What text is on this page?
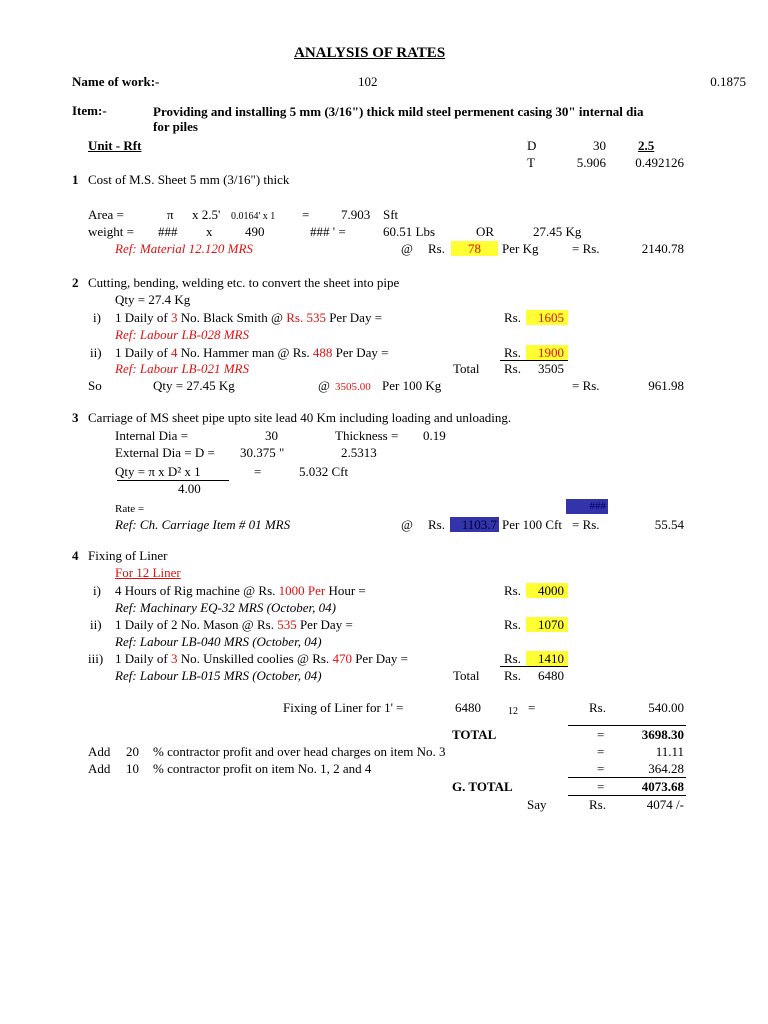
ANALYSIS OF RATES
Name of work:-	102	0.1875
Item:-	Providing and installing 5 mm (3/16") thick mild steel permenent casing 30" internal dia
for piles
Unit - Rft	D	30 2.5
T	5.906	0.492126
1 Cost of M.S. Sheet 5 mm (3/16") thick
Area =	π x 2.5' 0.0164' x 1 = 7.903 Sft
weight = ### x	490	### ' =	60.51 Lbs	OR	27.45 Kg
Ref: Material 12.120 MRS	@ Rs.	78	Per Kg	= Rs.	2140.78
2 Cutting, bending, welding etc. to convert the sheet into pipe
Qty = 27.4 Kg
i) 1 Daily of 3 No. Black Smith @ Rs. 535 Per Day =	Rs.	1605
Ref: Labour LB-028 MRS
ii) 1 Daily of 4 No. Hammer man @ Rs. 488 Per Day =	Rs.	1900
Ref: Labour LB-021 MRS	Total Rs.	3505
So	Qty = 27.45 Kg	@ 3505.00 Per 100 Kg	= Rs.	961.98
3 Carriage of MS sheet pipe upto site lead 40 Km including loading and unloading.
Internal Dia =	30	Thickness = 0.19
External Dia = D = 30.375 "	2.5313
Qty = π x D² x 1	=	5.032 Cft
4.00
Rate =	###
Ref: Ch. Carriage Item # 01 MRS	@ Rs.	1103.7 Per 100 Cft = Rs.	55.54
4 Fixing of Liner
For 12 Liner
i) 4 Hours of Rig machine @ Rs. 1000 Per Hour =	Rs.	4000
Ref: Machinary EQ-32 MRS (October, 04)
ii) 1 Daily of 2 No. Mason @ Rs. 535 Per Day =	Rs.	1070
Ref: Labour LB-040 MRS (October, 04)
iii) 1 Daily of 3 No. Unskilled coolies @ Rs. 470 Per Day =	Rs.	1410
Ref: Labour LB-015 MRS (October, 04)	Total Rs.	6480
Fixing of Liner for 1' =	6480	12 =	Rs.	540.00
TOTAL	=	3698.30
Add 20 % contractor profit and over head charges on item No. 3	=	11.11
Add 10 % contractor profit on item No. 1, 2 and 4	=	364.28
G. TOTAL	=	4073.68
Say	Rs.	4074 /-
